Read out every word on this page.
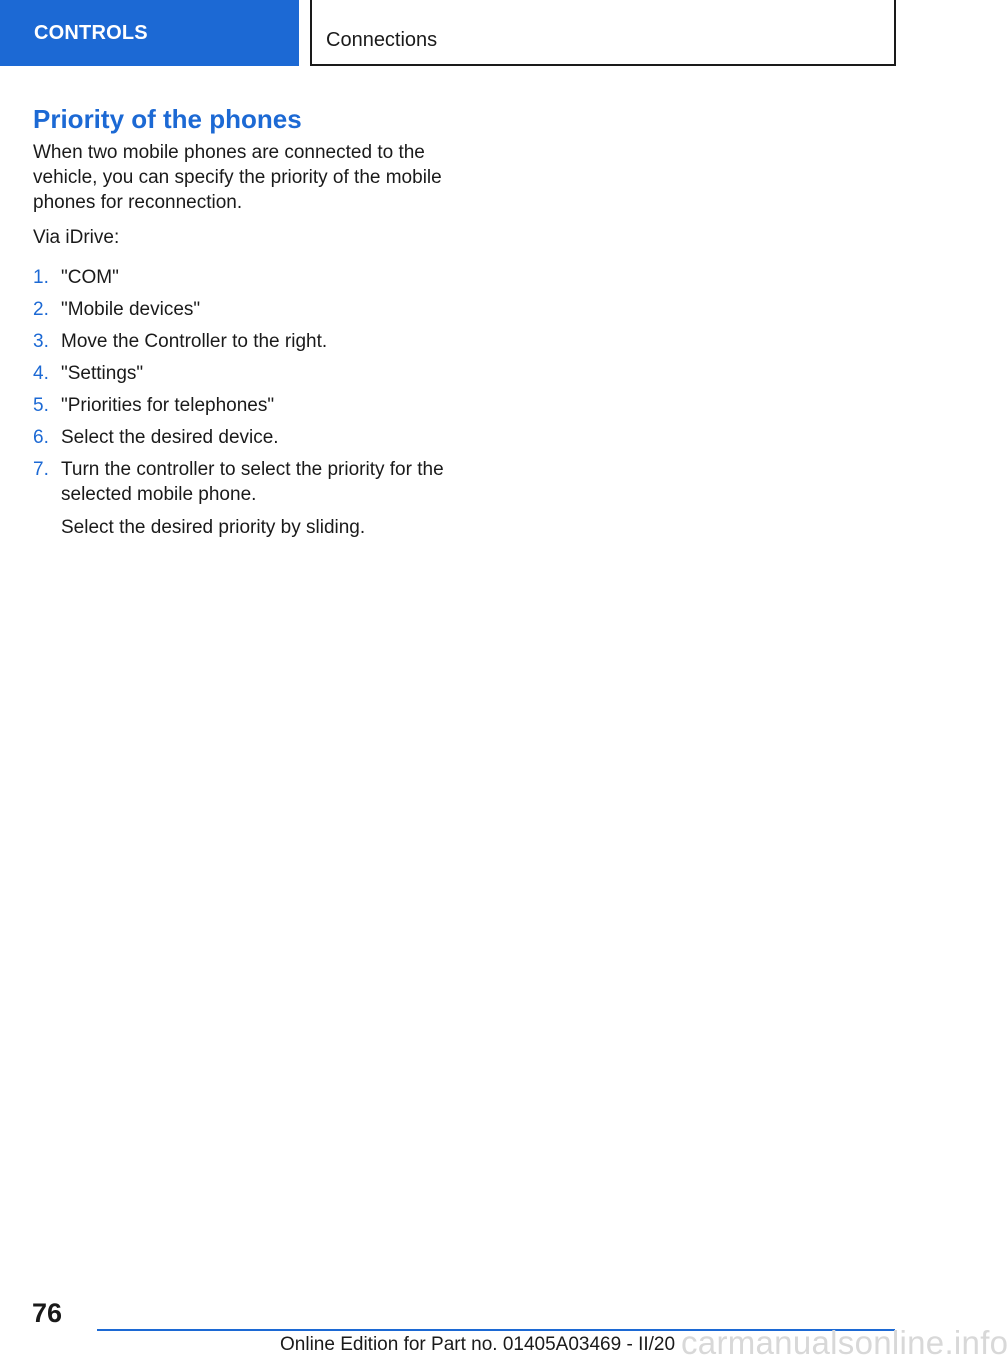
CONTROLS	Connections
Priority of the phones

When two mobile phones are connected to the vehicle, you can specify the priority of the mobile phones for reconnection.

Via iDrive:

1. "COM"
2. "Mobile devices"
3. Move the Controller to the right.
4. "Settings"
5. "Priorities for telephones"
6. Select the desired device.
7. Turn the controller to select the priority for the selected mobile phone.
Select the desired priority by sliding.
76
Online Edition for Part no. 01405A03469 - II/20 carmanualsonline.info
